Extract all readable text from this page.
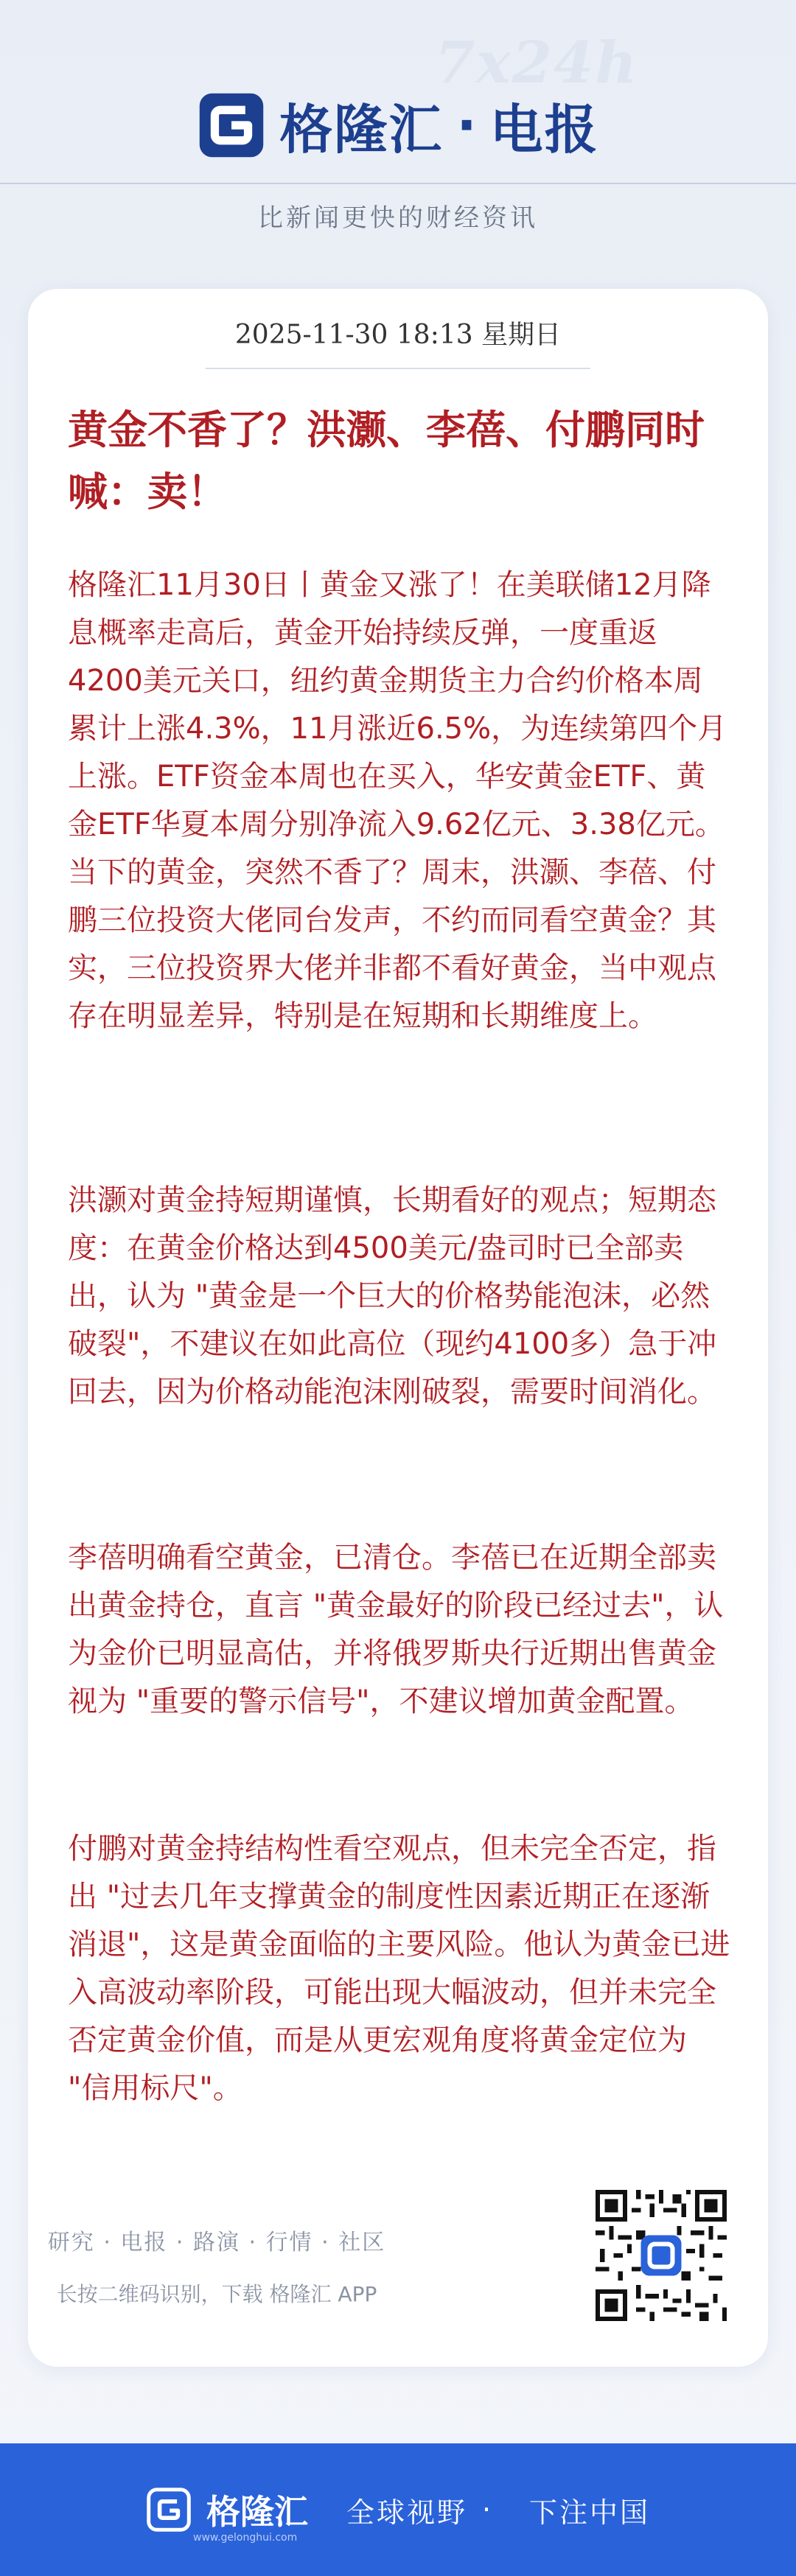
7x24h
格隆汇 · 电报
比新闻更快的财经资讯
2025-11-30 18:13 星期日
黄金不香了？洪灏、李蓓、付鹏同时喊：卖！
格隆汇11月30日丨黄金又涨了！在美联储12月降息概率走高后，黄金开始持续反弹，一度重返4200美元关口，纽约黄金期货主力合约价格本周累计上涨4.3%，11月涨近6.5%，为连续第四个月上涨。ETF资金本周也在买入，华安黄金ETF、黄金ETF华夏本周分别净流入9.62亿元、3.38亿元。当下的黄金，突然不香了？周末，洪灏、李蓓、付鹏三位投资大佬同台发声，不约而同看空黄金？其实，三位投资界大佬并非都不看好黄金，当中观点存在明显差异，特别是在短期和长期维度上。
洪灏对黄金持短期谨慎，长期看好的观点；短期态度：在黄金价格达到4500美元/盎司时已全部卖出，认为 "黄金是一个巨大的价格势能泡沫，必然破裂"，不建议在如此高位（现约4100多）急于冲回去，因为价格动能泡沫刚破裂，需要时间消化。
李蓓明确看空黄金，已清仓。李蓓已在近期全部卖出黄金持仓，直言 "黄金最好的阶段已经过去"，认为金价已明显高估，并将俄罗斯央行近期出售黄金视为 "重要的警示信号"，不建议增加黄金配置。
付鹏对黄金持结构性看空观点，但未完全否定，指出 "过去几年支撑黄金的制度性因素近期正在逐渐消退"，这是黄金面临的主要风险。他认为黄金已进入高波动率阶段，可能出现大幅波动，但并未完全否定黄金价值，而是从更宏观角度将黄金定位为 "信用标尺"。
研究 · 电报 · 路演 · 行情 · 社区
长按二维码识别，下载 格隆汇 APP
格隆汇 全球视野 · 下注中国
www.gelonghui.com
